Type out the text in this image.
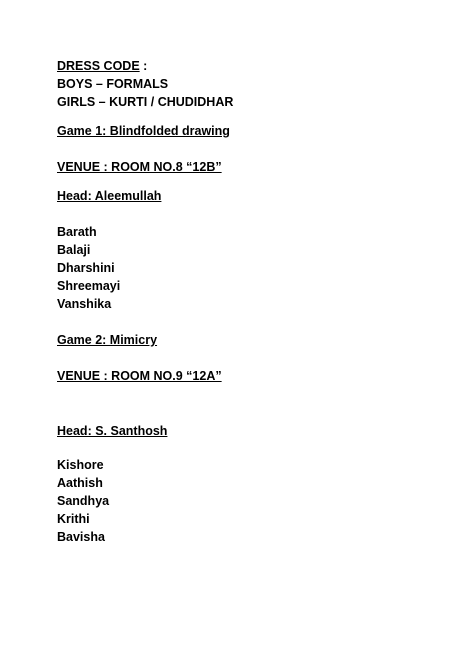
DRESS CODE :

BOYS – FORMALS

GIRLS – KURTI / CHUDIDHAR

Game 1: Blindfolded drawing

VENUE : ROOM NO.8 “12B”

Head: Aleemullah

Barath

Balaji

Dharshini

Shreemayi

Vanshika

Game 2: Mimicry

VENUE : ROOM NO.9 “12A”

Head: S. Santhosh

Kishore

Aathish

Sandhya

Krithi

Bavisha
